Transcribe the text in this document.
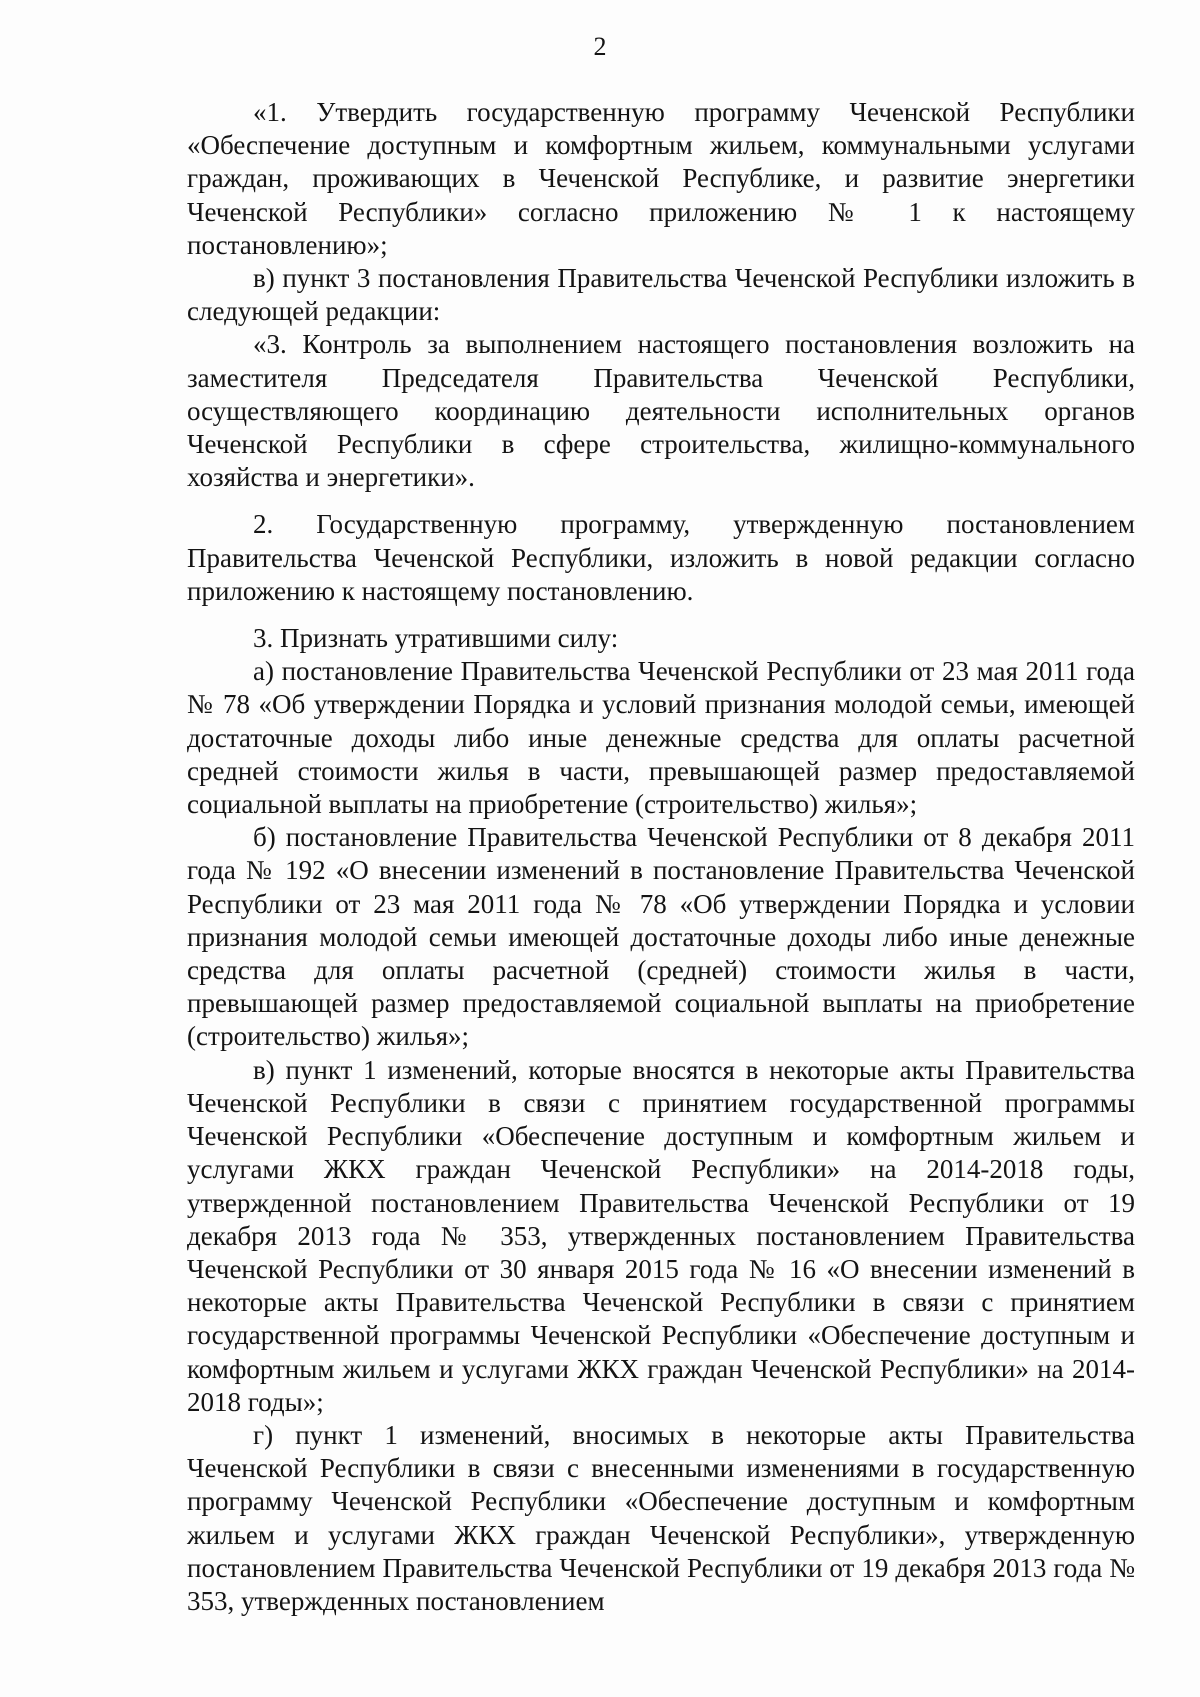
2

«1. Утвердить государственную программу Чеченской Республики «Обеспечение доступным и комфортным жильем, коммунальными услугами граждан, проживающих в Чеченской Республике, и развитие энергетики Чеченской Республики» согласно приложению № 1 к настоящему постановлению»;

в) пункт 3 постановления Правительства Чеченской Республики изложить в следующей редакции:

«3. Контроль за выполнением настоящего постановления возложить на заместителя Председателя Правительства Чеченской Республики, осуществляющего координацию деятельности исполнительных органов Чеченской Республики в сфере строительства, жилищно-коммунального хозяйства и энергетики».

2. Государственную программу, утвержденную постановлением Правительства Чеченской Республики, изложить в новой редакции согласно приложению к настоящему постановлению.

3. Признать утратившими силу:

а) постановление Правительства Чеченской Республики от 23 мая 2011 года № 78 «Об утверждении Порядка и условий признания молодой семьи, имеющей достаточные доходы либо иные денежные средства для оплаты расчетной средней стоимости жилья в части, превышающей размер предоставляемой социальной выплаты на приобретение (строительство) жилья»;

б) постановление Правительства Чеченской Республики от 8 декабря 2011 года № 192 «О внесении изменений в постановление Правительства Чеченской Республики от 23 мая 2011 года № 78 «Об утверждении Порядка и условии признания молодой семьи имеющей достаточные доходы либо иные денежные средства для оплаты расчетной (средней) стоимости жилья в части, превышающей размер предоставляемой социальной выплаты на приобретение (строительство) жилья»;

в) пункт 1 изменений, которые вносятся в некоторые акты Правительства Чеченской Республики в связи с принятием государственной программы Чеченской Республики «Обеспечение доступным и комфортным жильем и услугами ЖКХ граждан Чеченской Республики» на 2014-2018 годы, утвержденной постановлением Правительства Чеченской Республики от 19 декабря 2013 года № 353, утвержденных постановлением Правительства Чеченской Республики от 30 января 2015 года № 16 «О внесении изменений в некоторые акты Правительства Чеченской Республики в связи с принятием государственной программы Чеченской Республики «Обеспечение доступным и комфортным жильем и услугами ЖКХ граждан Чеченской Республики» на 2014-2018 годы»;

г) пункт 1 изменений, вносимых в некоторые акты Правительства Чеченской Республики в связи с внесенными изменениями в государственную программу Чеченской Республики «Обеспечение доступным и комфортным жильем и услугами ЖКХ граждан Чеченской Республики», утвержденную постановлением Правительства Чеченской Республики от 19 декабря 2013 года № 353, утвержденных постановлением
